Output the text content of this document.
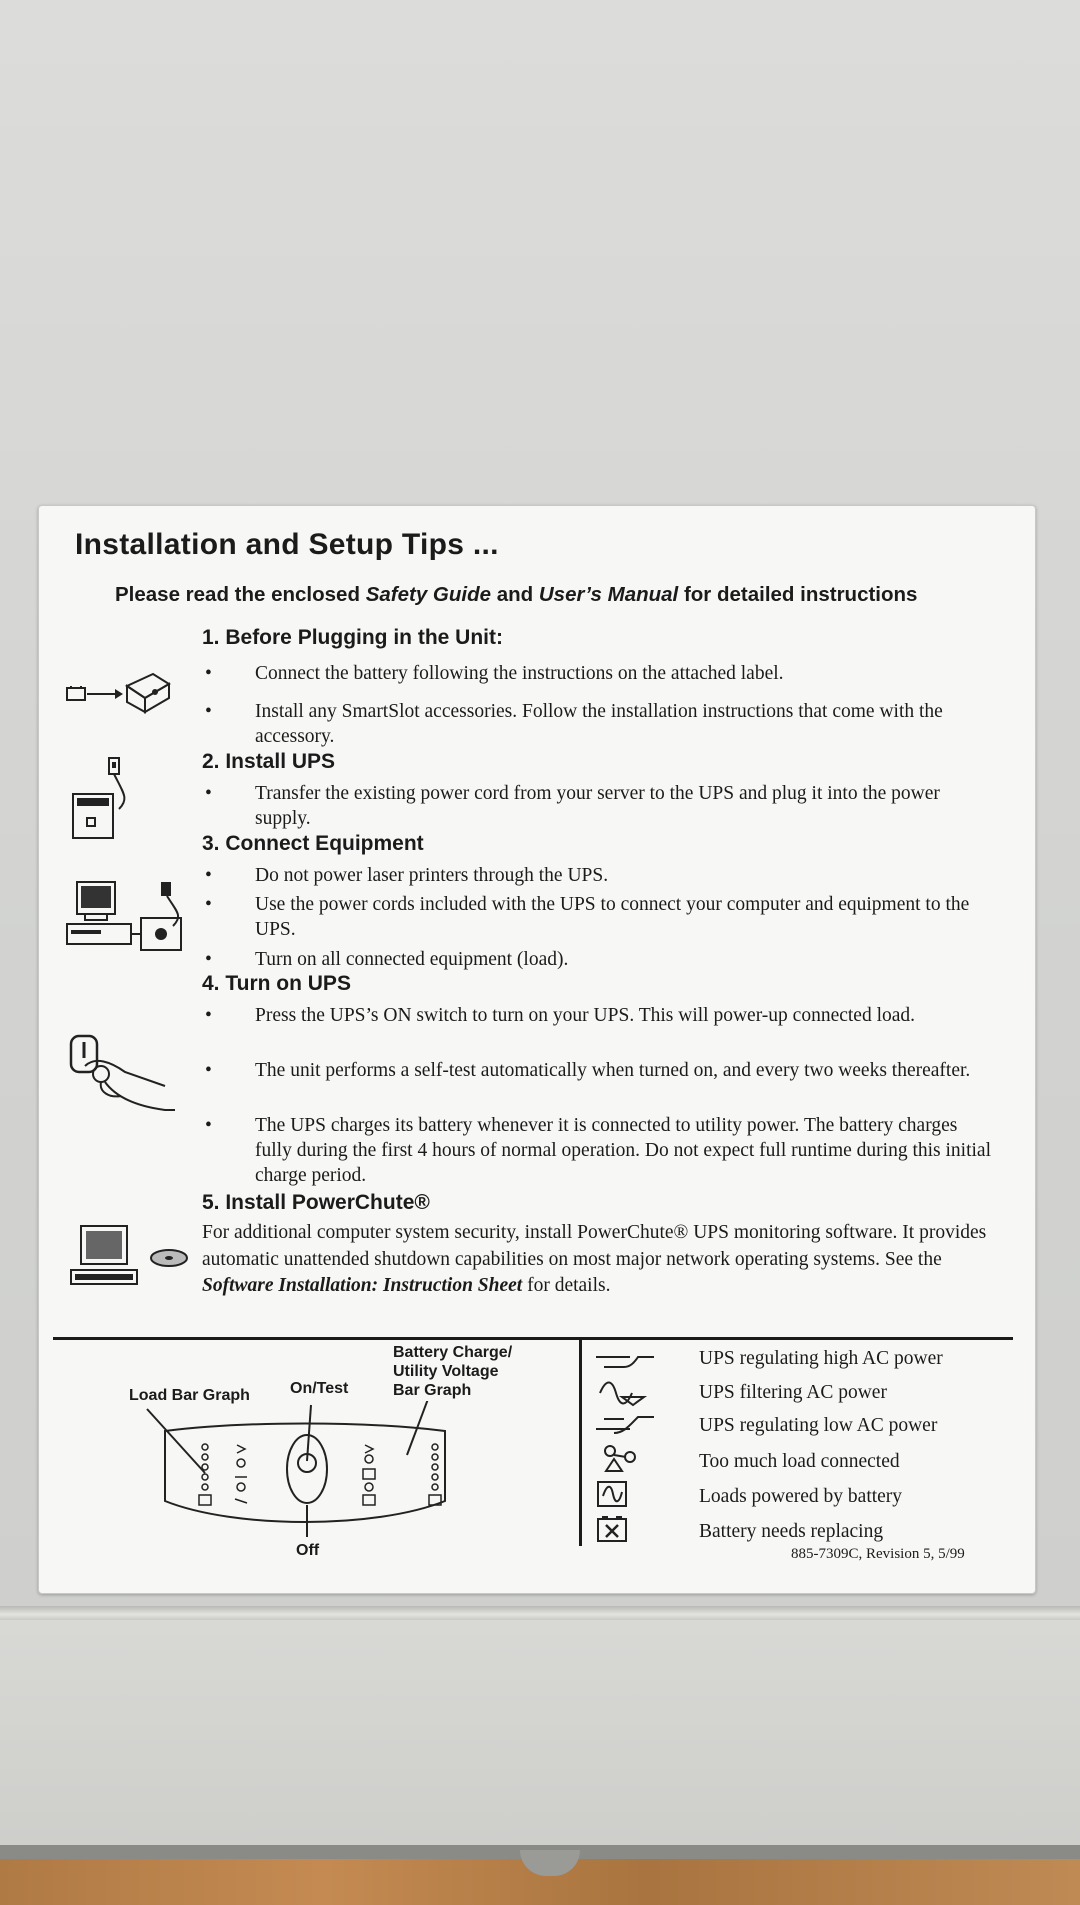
Installation and Setup Tips ...
Please read the enclosed Safety Guide and User’s Manual for detailed instructions
1. Before Plugging in the Unit:
•	Connect the battery following the instructions on the attached label.
•	Install any SmartSlot accessories. Follow the installation instructions that come with the accessory.
2. Install UPS
•	Transfer the existing power cord from your server to the UPS and plug it into the power supply.
3. Connect Equipment
•	Do not power laser printers through the UPS.
•	Use the power cords included with the UPS to connect your computer and equipment to the UPS.
•	Turn on all connected equipment (load).
4. Turn on UPS
•	Press the UPS’s ON switch to turn on your UPS. This will power-up connected load.
•	The unit performs a self-test automatically when turned on, and every two weeks thereafter.
•	The UPS charges its battery whenever it is connected to utility power. The battery charges fully during the first 4 hours of normal operation. Do not expect full runtime during this initial charge period.
5. Install PowerChute®
For additional computer system security, install PowerChute® UPS monitoring software. It provides automatic unattended shutdown capabilities on most major network operating systems. See the Software Installation: Instruction Sheet for details.
Load Bar Graph	On/Test
Battery Charge/
Utility Voltage
Bar Graph
Off
UPS regulating high AC power
UPS filtering AC power
UPS regulating low AC power
Too much load connected
Loads powered by battery
Battery needs replacing
885-7309C, Revision 5, 5/99
